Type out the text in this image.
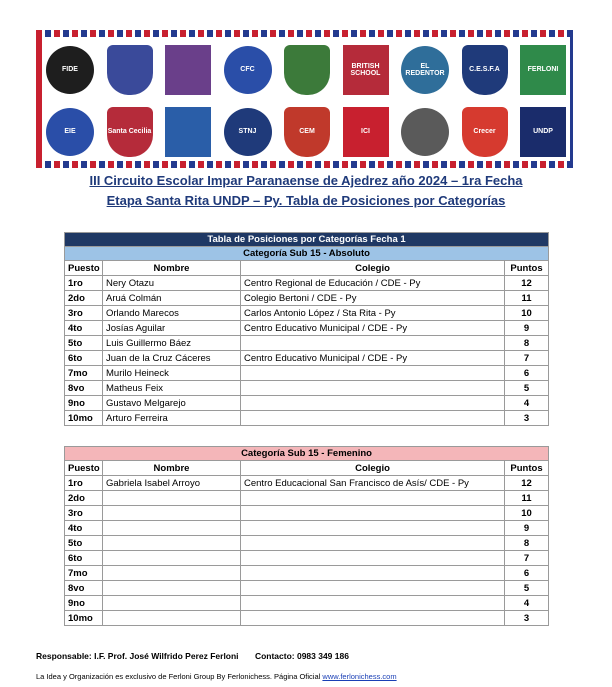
FIDE	CFC
BRITISH SCHOOL
EL REDENTOR
C.E.S.F.A	FERLONI
EIE	Santa Cecilia	STNJ	CEM	ICI	Crecer	UNDP
III Circuito Escolar Impar Paranaense de Ajedrez año 2024 – 1ra Fecha
Etapa Santa Rita UNDP – Py. Tabla de Posiciones por Categorías
Tabla de Posiciones por Categorías Fecha 1			
Categoría Sub 15 - Absoluto			
Puesto	Nombre	Colegio	Puntos
1ro	Nery Otazu	Centro Regional de Educación / CDE - Py	12
2do	Aruá Colmán	Colegio Bertoni / CDE - Py	11
3ro	Orlando Marecos	Carlos Antonio López / Sta Rita - Py	10
4to	Josías Aguilar	Centro Educativo Municipal / CDE - Py	9
5to	Luis Guillermo Báez		8
6to	Juan de la Cruz Cáceres	Centro Educativo Municipal / CDE - Py	7
7mo	Murilo Heineck		6
8vo	Matheus Feix		5
9no	Gustavo Melgarejo		4
10mo	Arturo Ferreira		3
Categoría Sub 15 - Femenino			
Puesto	Nombre	Colegio	Puntos
1ro	Gabriela Isabel Arroyo	Centro Educacional San Francisco de Asís/ CDE - Py	12
2do			11
3ro			10
4to			9
5to			8
6to			7
7mo			6
8vo			5
9no			4
10mo			3
Responsable: I.F. Prof. José Wilfrido Perez Ferloni Contacto: 0983 349 186
La Idea y Organización es exclusivo de Ferloni Group By Ferlonichess. Página Oficial www.ferlonichess.com
